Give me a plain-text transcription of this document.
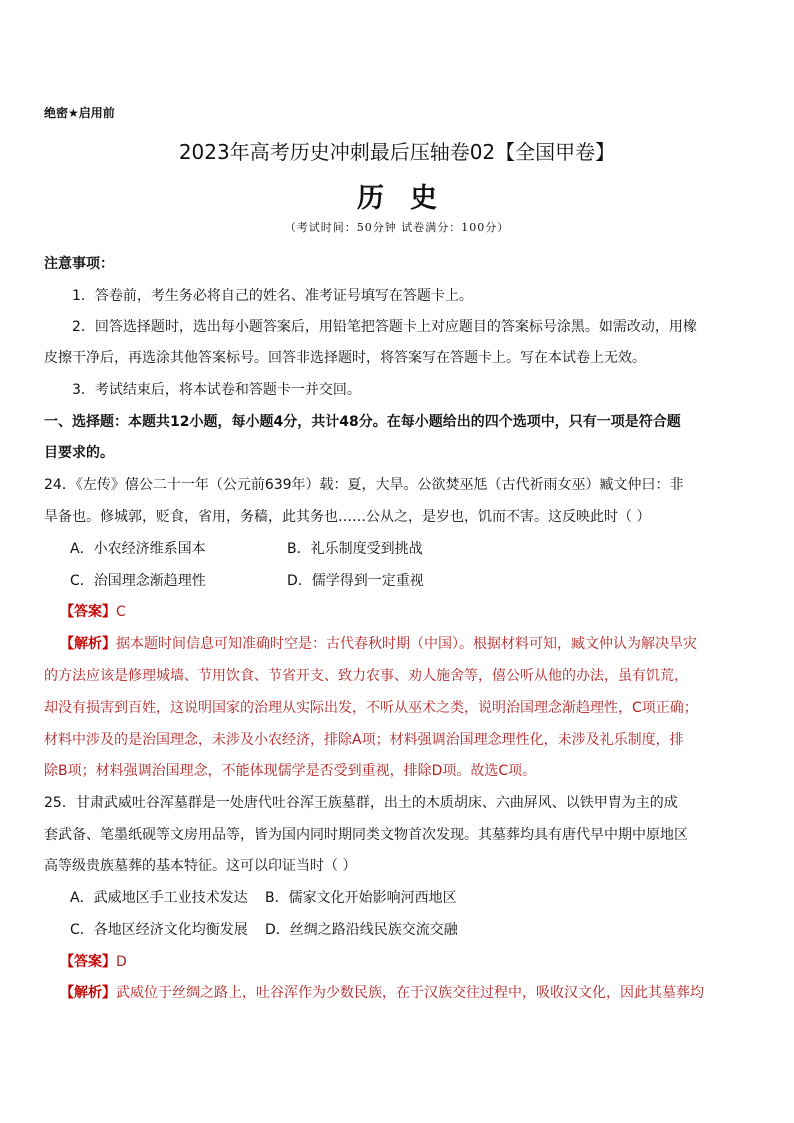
绝密★启用前
2023年高考历史冲刺最后压轴卷02【全国甲卷】
历史
（考试时间：50分钟 试卷满分：100分）
注意事项：
1．答卷前，考生务必将自己的姓名、准考证号填写在答题卡上。
2．回答选择题时，选出每小题答案后，用铅笔把答题卡上对应题目的答案标号涂黑。如需改动，用橡
皮擦干净后，再选涂其他答案标号。回答非选择题时，将答案写在答题卡上。写在本试卷上无效。
3．考试结束后，将本试卷和答题卡一并交回。
一、选择题：本题共12小题，每小题4分，共计48分。在每小题给出的四个选项中，只有一项是符合题
目要求的。
24．《左传》僖公二十一年（公元前639年）载：夏，大旱。公欲焚巫尪（古代祈雨女巫）臧文仲曰：非
旱备也。修城郭，贬食，省用，务穑，此其务也……公从之，是岁也，饥而不害。这反映此时（ ）
A．小农经济维系国本	B．礼乐制度受到挑战
C．治国理念渐趋理性	D．儒学得到一定重视
【答案】C
【解析】据本题时间信息可知准确时空是：古代春秋时期（中国）。根据材料可知，臧文仲认为解决旱灾
的方法应该是修理城墙、节用饮食、节省开支、致力农事、劝人施舍等，僖公听从他的办法，虽有饥荒，
却没有损害到百姓，这说明国家的治理从实际出发，不听从巫术之类，说明治国理念渐趋理性，C项正确；
材料中涉及的是治国理念，未涉及小农经济，排除A项；材料强调治国理念理性化，未涉及礼乐制度，排
除B项；材料强调治国理念，不能体现儒学是否受到重视，排除D项。故选C项。
25．甘肃武威吐谷浑墓群是一处唐代吐谷浑王族墓群，出土的木质胡床、六曲屏风、以铁甲胄为主的成
套武备、笔墨纸砚等文房用品等，皆为国内同时期同类文物首次发现。其墓葬均具有唐代早中期中原地区
高等级贵族墓葬的基本特征。这可以印证当时（ ）
A．武威地区手工业技术发达 B．儒家文化开始影响河西地区
C．各地区经济文化均衡发展 D．丝绸之路沿线民族交流交融
【答案】D
【解析】武威位于丝绸之路上，吐谷浑作为少数民族，在于汉族交往过程中，吸收汉文化，因此其墓葬均
